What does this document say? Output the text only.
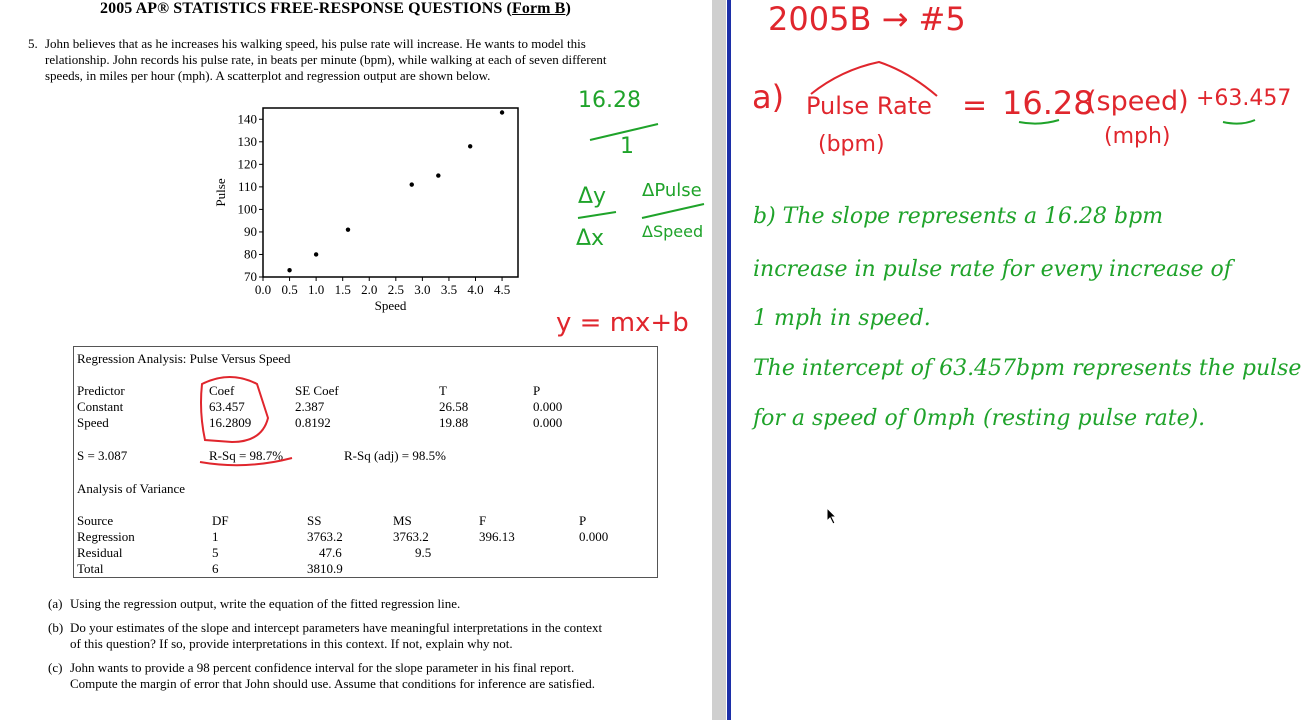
2005 AP® STATISTICS FREE-RESPONSE QUESTIONS (Form B)
5. John believes that as he increases his walking speed, his pulse rate will increase. He wants to model this
relationship. John records his pulse rate, in beats per minute (bpm), while walking at each of seven different
speeds, in miles per hour (mph). A scatterplot and regression output are shown below.
0.0 0.5 1.0 1.5 2.0 2.5 3.0 3.5 4.0 4.5
70
80
90
100
110
120
130
140
Speed
Pulse
Regression Analysis: Pulse Versus Speed
Predictor	Coef	SE Coef	T	P
Constant	63.457	2.387	26.58	0.000
Speed	16.2809	0.8192	19.88	0.000
S = 3.087	R-Sq = 98.7%	R-Sq (adj) = 98.5%
Analysis of Variance
Source	DF	SS	MS	F	P
Regression	1	3763.2	3763.2	396.13	0.000
Residual	5	47.6	9.5
Total	6	3810.9
(a) Using the regression output, write the equation of the fitted regression line.
(b) Do your estimates of the slope and intercept parameters have meaningful interpretations in the context
of this question? If so, provide interpretations in this context. If not, explain why not.
(c) John wants to provide a 98 percent confidence interval for the slope parameter in his final report.
Compute the margin of error that John should use. Assume that conditions for inference are satisfied.
2005B → #5
16.28
1
Δy
Δx
ΔPulse
ΔSpeed
y = mx+b
a) Pulse Rate
(bpm)
= 16.28
(speed)
(mph)
+63.457
b) The slope represents a 16.28 bpm
increase in pulse rate for every increase of
1 mph in speed.
The intercept of 63.457bpm represents the pulse
for a speed of 0mph (resting pulse rate).
